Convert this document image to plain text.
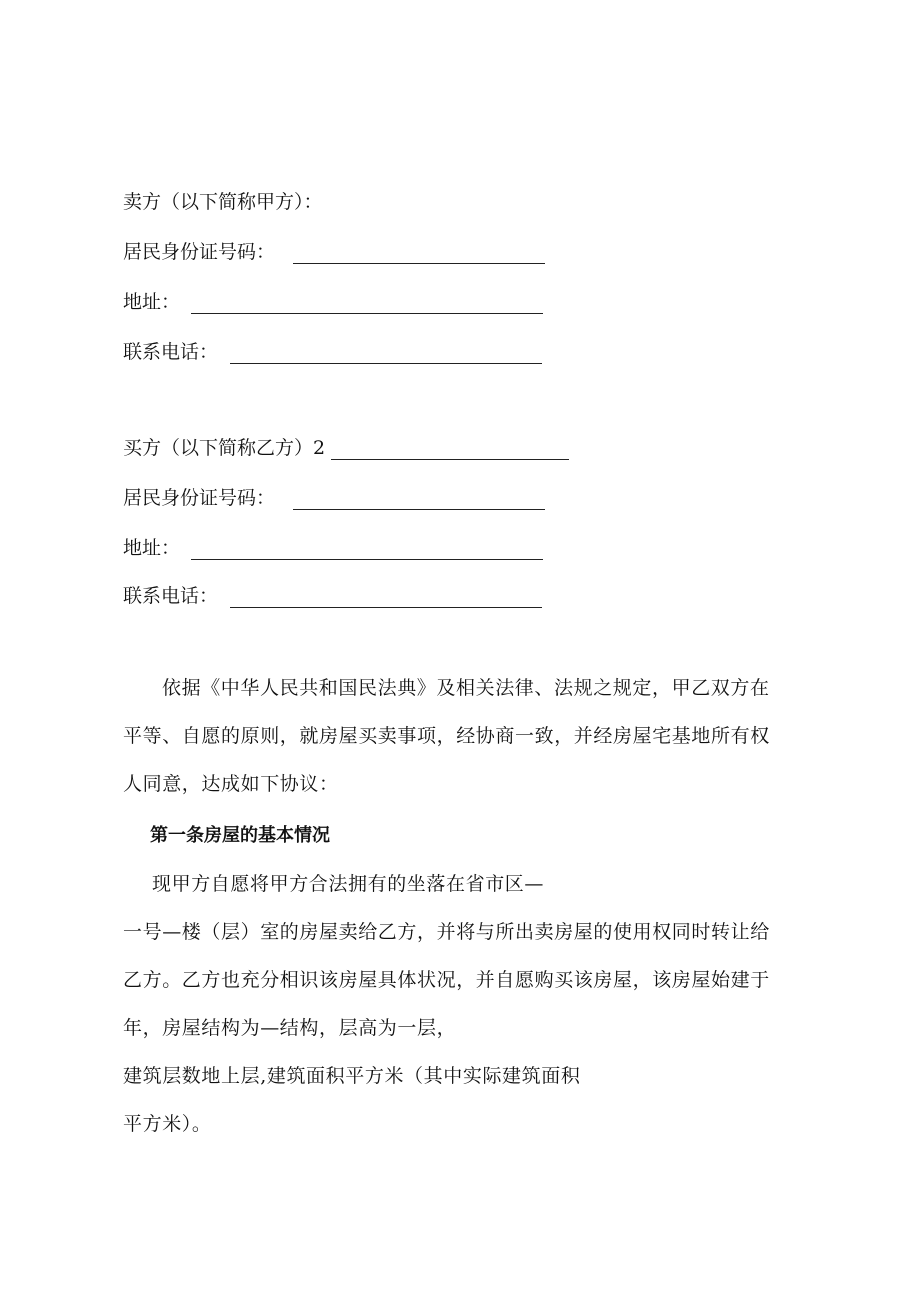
卖方（以下简称甲方）：
居民身份证号码：
地址：
联系电话：
买方（以下简称乙方）2
居民身份证号码：
地址：
联系电话：
依据《中华人民共和国民法典》及相关法律、法规之规定，甲乙双方在
平等、自愿的原则，就房屋买卖事项，经协商一致，并经房屋宅基地所有权
人同意，达成如下协议：
第一条房屋的基本情况
现甲方自愿将甲方合法拥有的坐落在省市区—
一号—楼（层）室的房屋卖给乙方，并将与所出卖房屋的使用权同时转让给
乙方。乙方也充分相识该房屋具体状况，并自愿购买该房屋，该房屋始建于
年，房屋结构为—结构，层高为一层，
建筑层数地上层,建筑面积平方米（其中实际建筑面积
平方米）。
